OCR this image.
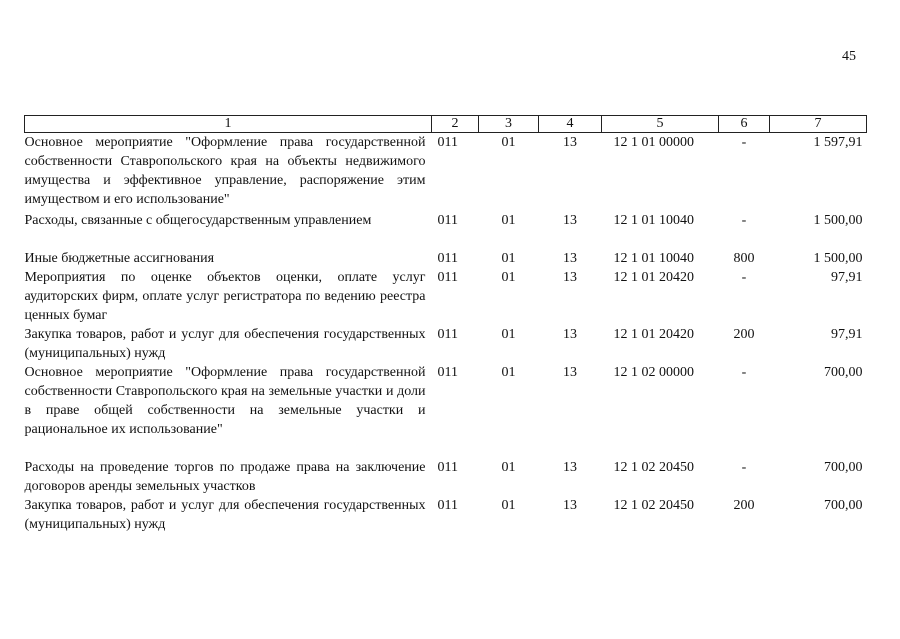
45
1	2	3	4	5	6	7
Основное мероприятие "Оформление права государственной собственности Ставропольского края на объекты недвижимого имущества и эффективное управление, распоряжение этим имуществом и его использование"	011	01	13	12 1 01 00000	-	1 597,91
Расходы, связанные с общегосударственным управлением	011	01	13	12 1 01 10040	-	1 500,00
Иные бюджетные ассигнования	011	01	13	12 1 01 10040	800	1 500,00
Мероприятия по оценке объектов оценки, оплате услуг аудиторских фирм, оплате услуг регистратора по ведению реестра ценных бумаг	011	01	13	12 1 01 20420	-	97,91
Закупка товаров, работ и услуг для обеспечения государственных (муниципальных) нужд	011	01	13	12 1 01 20420	200	97,91
Основное мероприятие "Оформление права государственной собственности Ставропольского края на земельные участки и доли в праве общей собственности на земельные участки и рациональное их использование"	011	01	13	12 1 02 00000	-	700,00
Расходы на проведение торгов по продаже права на заключение договоров аренды земельных участков	011	01	13	12 1 02 20450	-	700,00
Закупка товаров, работ и услуг для обеспечения государственных (муниципальных) нужд	011	01	13	12 1 02 20450	200	700,00
